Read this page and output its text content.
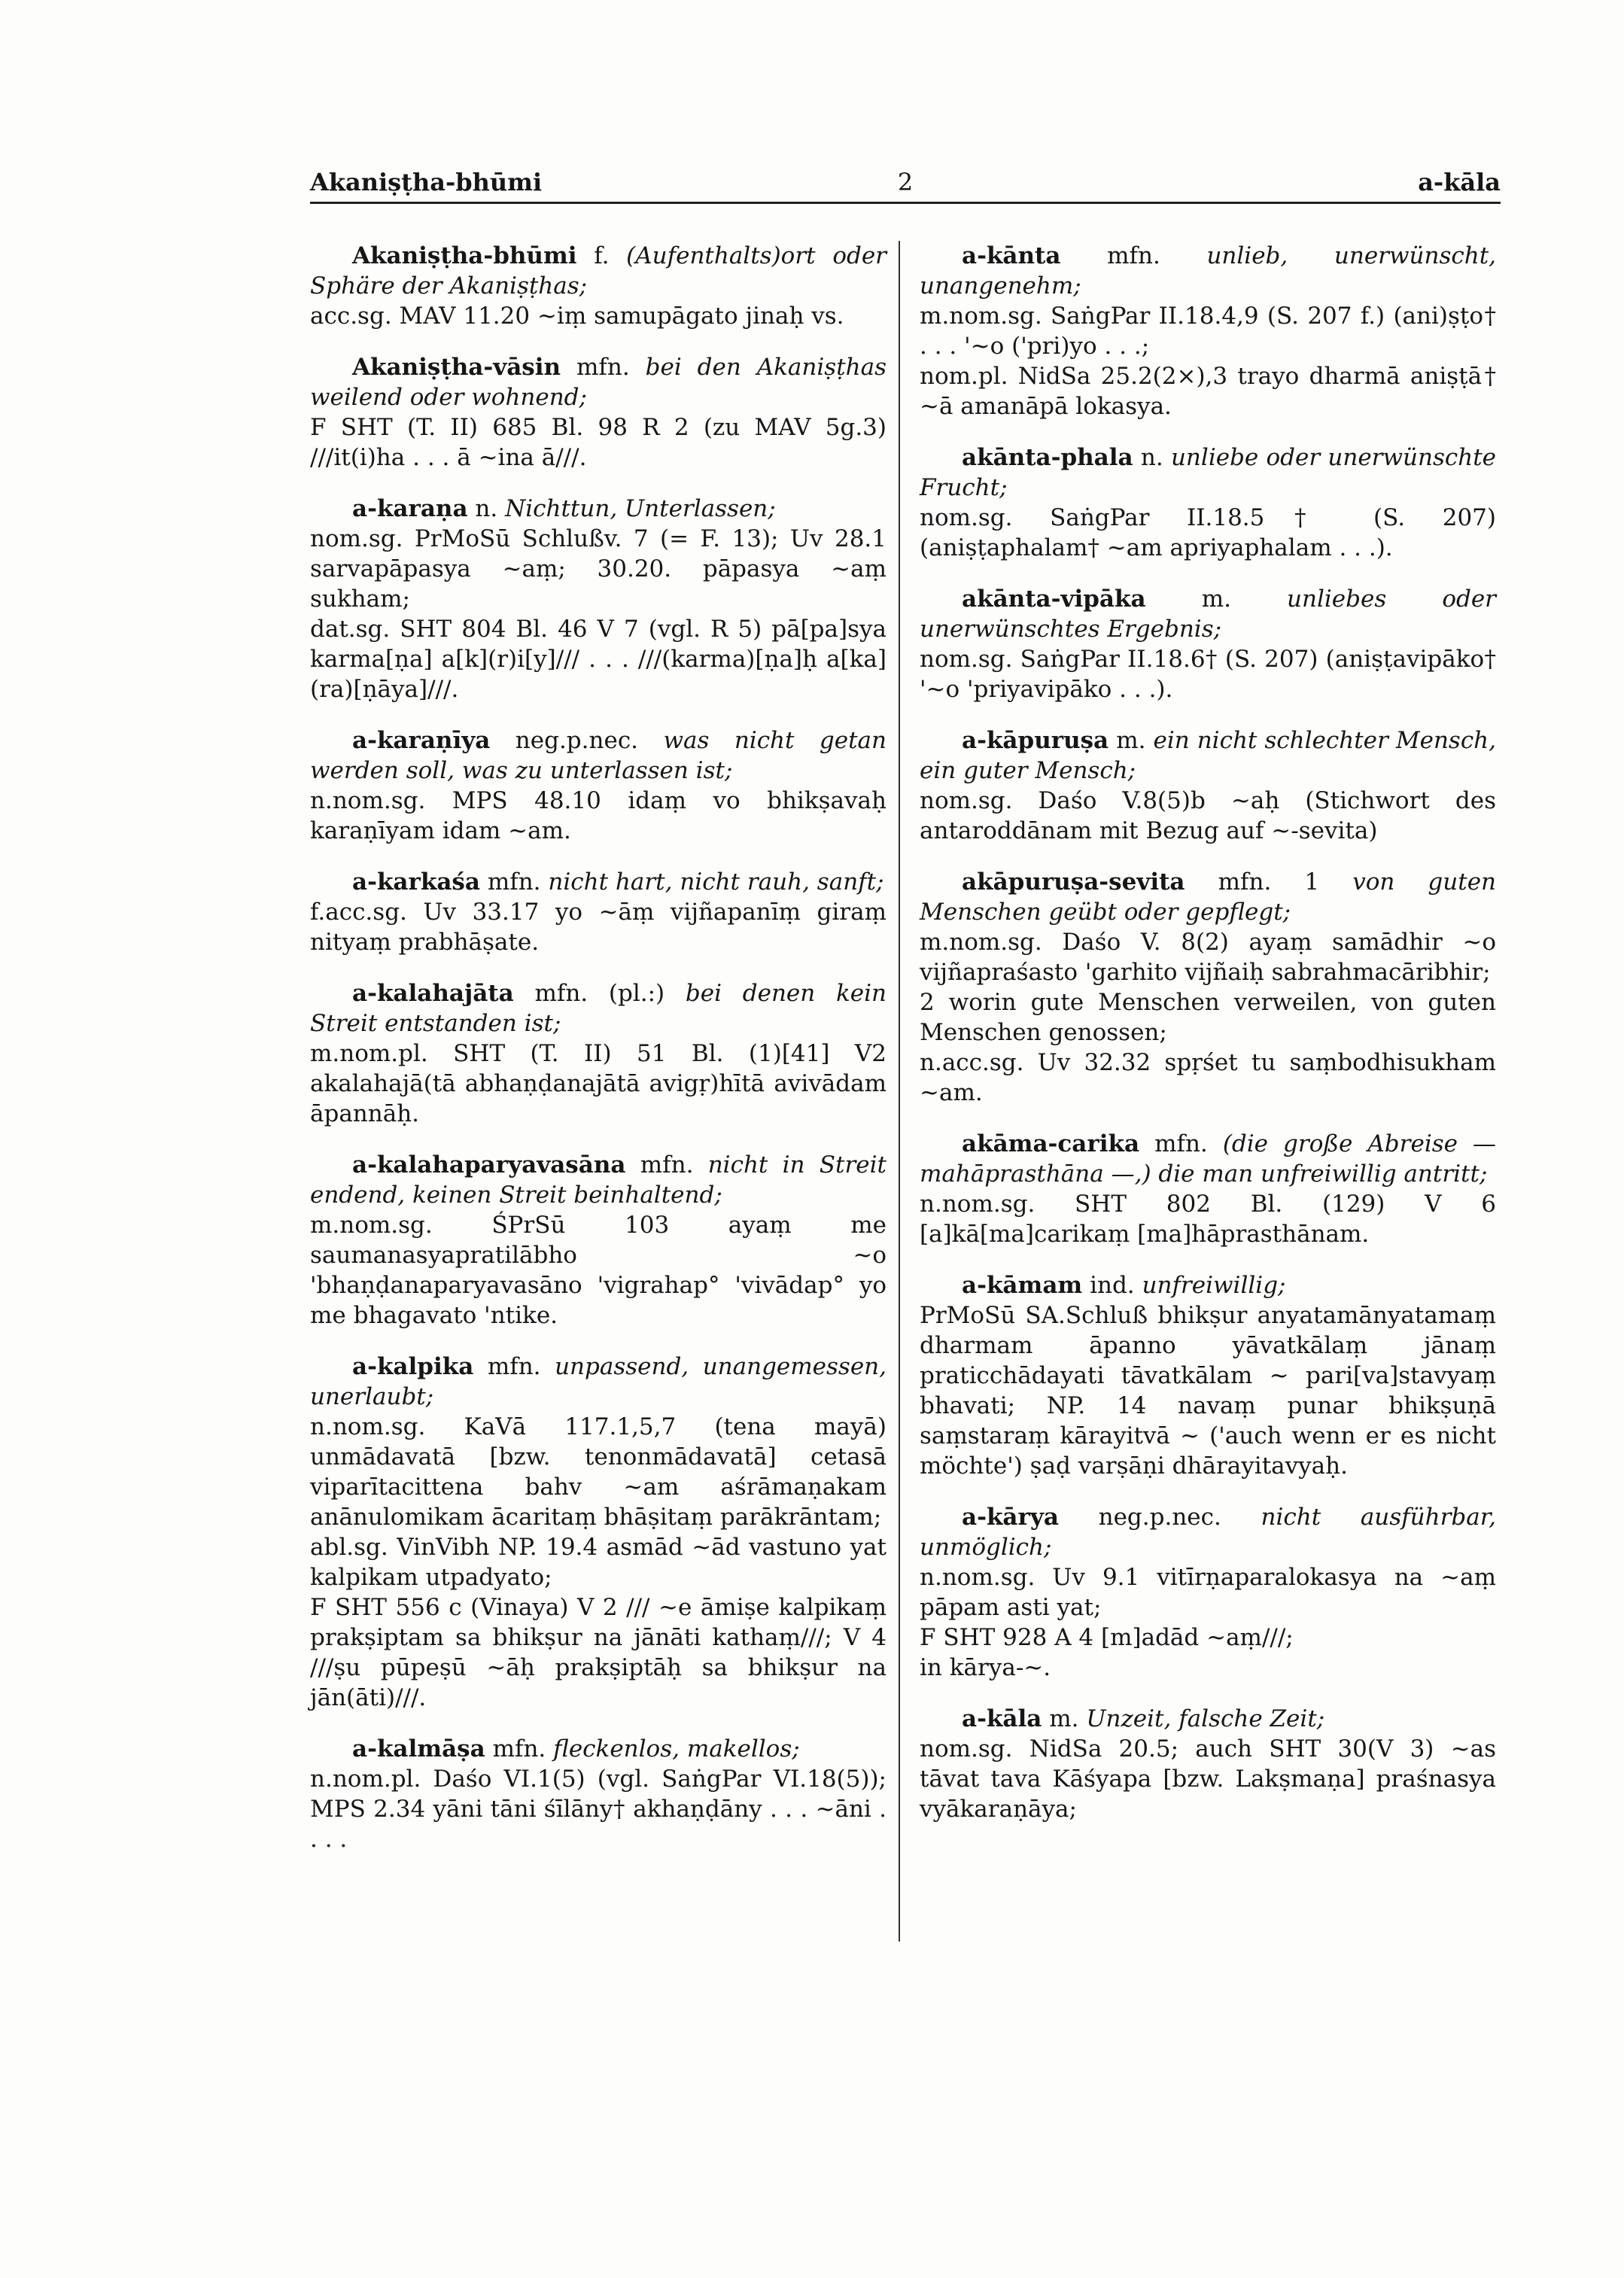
Akaniṣṭha-bhūmi	2	a-kāla

Akaniṣṭha-bhūmi f. (Aufenthalts)ort oder Sphäre der Akaniṣṭhas;

acc.sg. MAV 11.20 ~iṃ samupāgato jinaḥ vs.

Akaniṣṭha-vāsin mfn. bei den Akaniṣṭhas weilend oder wohnend;

F SHT (T. II) 685 Bl. 98 R 2 (zu MAV 5g.3) ///it(i)ha . . . ā ~ina ā///.

a-karaṇa n. Nichttun, Unterlassen;

nom.sg. PrMoSū Schlußv. 7 (= F. 13); Uv 28.1 sarvapāpasya ~aṃ; 30.20. pāpasya ~aṃ sukham;

dat.sg. SHT 804 Bl. 46 V 7 (vgl. R 5) pā[pa]sya karma[ṇa] a[k](r)i[y]/// . . . ///(karma)[ṇa]ḥ a[ka](ra)[ṇāya]///.

a-karaṇīya neg.p.nec. was nicht getan werden soll, was zu unterlassen ist;

n.nom.sg. MPS 48.10 idaṃ vo bhikṣavaḥ karaṇīyam idam ~am.

a-karkaśa mfn. nicht hart, nicht rauh, sanft;

f.acc.sg. Uv 33.17 yo ~āṃ vijñapanīṃ giraṃ nityaṃ prabhāṣate.

a-kalahajāta mfn. (pl.:) bei denen kein Streit entstanden ist;

m.nom.pl. SHT (T. II) 51 Bl. (1)[41] V2 akalahajā(tā abhaṇḍanajātā avigṛ)hītā avivādam āpannāḥ.

a-kalahaparyavasāna mfn. nicht in Streit endend, keinen Streit beinhaltend;

m.nom.sg. ŚPrSū 103 ayaṃ me saumanasyapratilābho ~o 'bhaṇḍanaparyavasāno 'vigrahap° 'vivādap° yo me bhagavato 'ntike.

a-kalpika mfn. unpassend, unangemessen, unerlaubt;

n.nom.sg. KaVā 117.1,5,7 (tena mayā) unmādavatā [bzw. tenonmādavatā] cetasā viparītacittena bahv ~am aśrāmaṇakam anānulomikam ācaritaṃ bhāṣitaṃ parākrāntam;

abl.sg. VinVibh NP. 19.4 asmād ~ād vastuno yat kalpikam utpadyato;

F SHT 556 c (Vinaya) V 2 /// ~e āmiṣe kalpikaṃ prakṣiptam sa bhikṣur na jānāti kathaṃ///; V 4 ///ṣu pūpeṣū ~āḥ prakṣiptāḥ sa bhikṣur na jān(āti)///.

a-kalmāṣa mfn. fleckenlos, makellos;

n.nom.pl. Daśo VI.1(5) (vgl. SaṅgPar VI.18(5)); MPS 2.34 yāni tāni śīlāny† akhaṇḍāny . . . ~āni . . . .

a-kānta mfn. unlieb, unerwünscht, unangenehm;

m.nom.sg. SaṅgPar II.18.4,9 (S. 207 f.) (ani)ṣṭo† . . . '~o ('pri)yo . . .;

nom.pl. NidSa 25.2(2×),3 trayo dharmā aniṣṭā† ~ā amanāpā lokasya.

akānta-phala n. unliebe oder unerwünschte Frucht;

nom.sg. SaṅgPar II.18.5† (S. 207) (aniṣṭaphalam† ~am apriyaphalam . . .).

akānta-vipāka m. unliebes oder unerwünschtes Ergebnis;

nom.sg. SaṅgPar II.18.6† (S. 207) (aniṣṭavipāko† '~o 'priyavipāko . . .).

a-kāpuruṣa m. ein nicht schlechter Mensch, ein guter Mensch;

nom.sg. Daśo V.8(5)b ~aḥ (Stichwort des antaroddānam mit Bezug auf ~-sevita)

akāpuruṣa-sevita mfn. 1 von guten Menschen geübt oder gepflegt;

m.nom.sg. Daśo V. 8(2) ayaṃ samādhir ~o vijñapraśasto 'garhito vijñaiḥ sabrahmacāribhir;

2 worin gute Menschen verweilen, von guten Menschen genossen;

n.acc.sg. Uv 32.32 spṛśet tu saṃbodhisukham ~am.

akāma-carika mfn. (die große Abreise — mahāprasthāna —,) die man unfreiwillig antritt;

n.nom.sg. SHT 802 Bl. (129) V 6 [a]kā[ma]carikaṃ [ma]hāprasthānam.

a-kāmam ind. unfreiwillig;

PrMoSū SA.Schluß bhikṣur anyatamānyatamaṃ dharmam āpanno yāvatkālaṃ jānaṃ praticchādayati tāvatkālam ~ pari[va]stavyaṃ bhavati; NP. 14 navaṃ punar bhikṣuṇā saṃstaraṃ kārayitvā ~ ('auch wenn er es nicht möchte') ṣaḍ varṣāṇi dhārayitavyaḥ.

a-kārya neg.p.nec. nicht ausführbar, unmöglich;

n.nom.sg. Uv 9.1 vitīrṇaparalokasya na ~aṃ pāpam asti yat;

F SHT 928 A 4 [m]adād ~aṃ///;

in kārya-~.

a-kāla m. Unzeit, falsche Zeit;

nom.sg. NidSa 20.5; auch SHT 30(V 3) ~as tāvat tava Kāśyapa [bzw. Lakṣmaṇa] praśnasya vyākaraṇāya;
